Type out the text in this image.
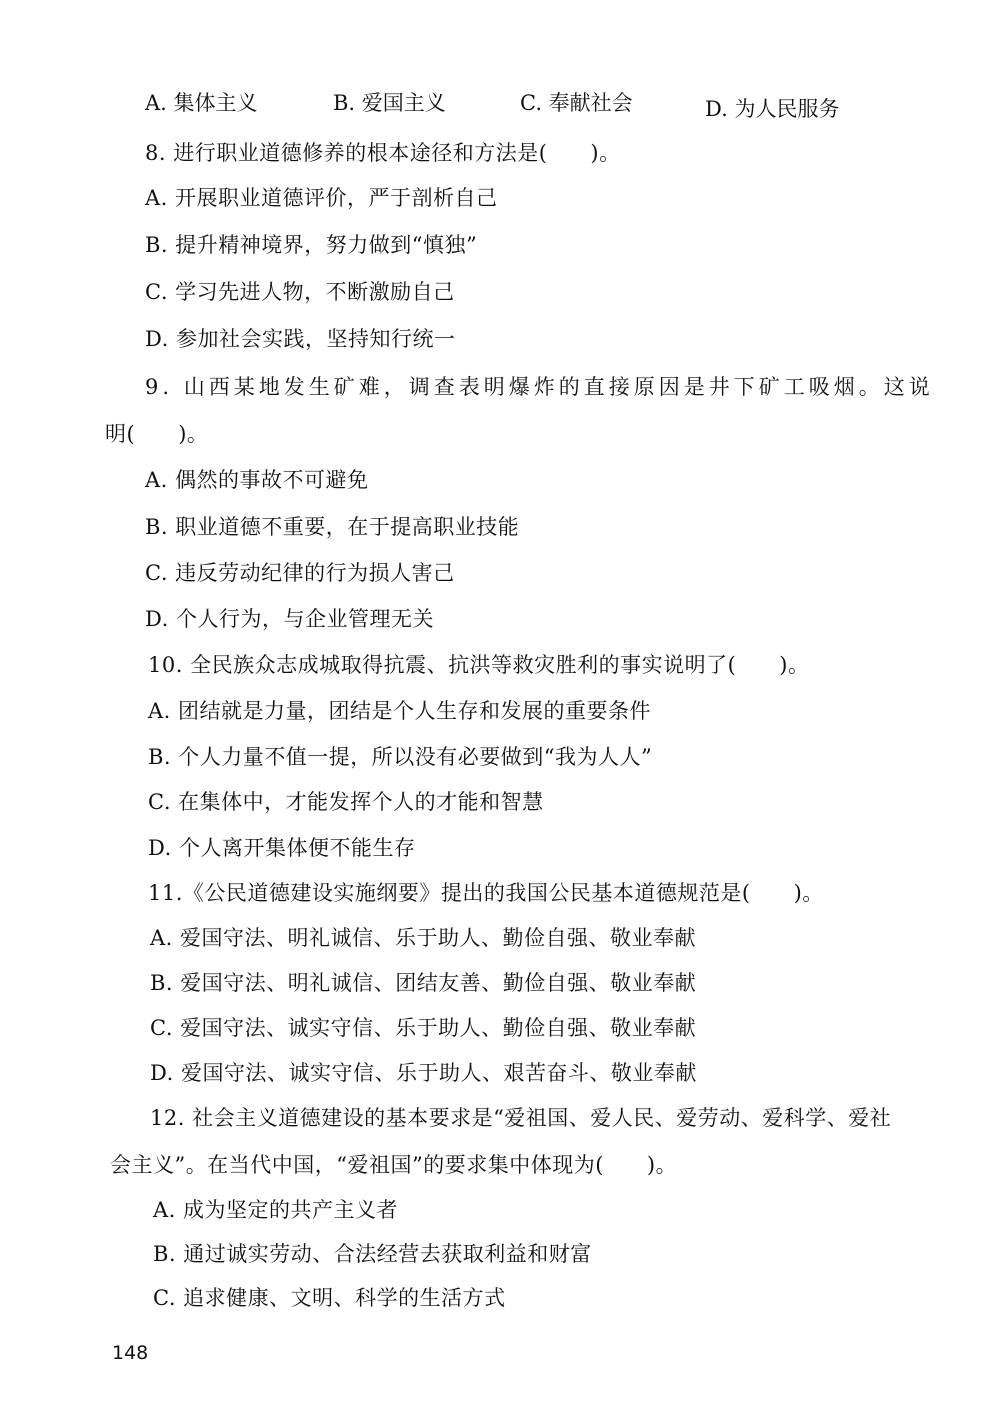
A. 集体主义	B. 爱国主义	C. 奉献社会	D. 为人民服务
8. 进行职业道德修养的根本途径和方法是(　　)。
A. 开展职业道德评价，严于剖析自己
B. 提升精神境界，努力做到“慎独”
C. 学习先进人物，不断激励自己
D. 参加社会实践，坚持知行统一
9. 山西某地发生矿难，调查表明爆炸的直接原因是井下矿工吸烟。这说
明(　　)。
A. 偶然的事故不可避免
B. 职业道德不重要，在于提高职业技能
C. 违反劳动纪律的行为损人害己
D. 个人行为，与企业管理无关
10. 全民族众志成城取得抗震、抗洪等救灾胜利的事实说明了(　　)。
A. 团结就是力量，团结是个人生存和发展的重要条件
B. 个人力量不值一提，所以没有必要做到“我为人人”
C. 在集体中，才能发挥个人的才能和智慧
D. 个人离开集体便不能生存
11.《公民道德建设实施纲要》提出的我国公民基本道德规范是(　　)。
A. 爱国守法、明礼诚信、乐于助人、勤俭自强、敬业奉献
B. 爱国守法、明礼诚信、团结友善、勤俭自强、敬业奉献
C. 爱国守法、诚实守信、乐于助人、勤俭自强、敬业奉献
D. 爱国守法、诚实守信、乐于助人、艰苦奋斗、敬业奉献
12. 社会主义道德建设的基本要求是“爱祖国、爱人民、爱劳动、爱科学、爱社
会主义”。在当代中国，“爱祖国”的要求集中体现为(　　)。
A. 成为坚定的共产主义者
B. 通过诚实劳动、合法经营去获取利益和财富
C. 追求健康、文明、科学的生活方式
148
